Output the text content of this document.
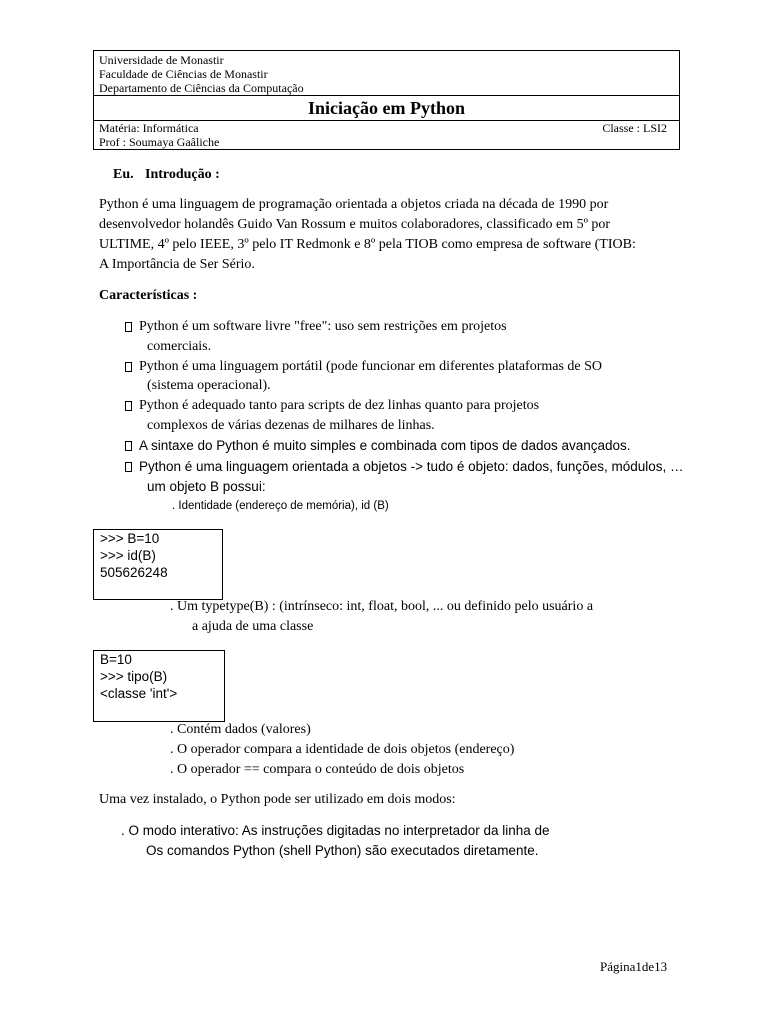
Universidade de Monastir
Faculdade de Ciências de Monastir
Departamento de Ciências da Computação
Iniciação em Python
Matéria: Informática	Classe : LSI2
Prof : Soumaya Gaâliche
Eu. Introdução :
Python é uma linguagem de programação orientada a objetos criada na década de 1990 por
desenvolvedor holandês Guido Van Rossum e muitos colaboradores, classificado em 5º por
ULTIME, 4º pelo IEEE, 3º pelo IT Redmonk e 8º pela TIOB como empresa de software (TIOB:
A Importância de Ser Sério.
Características :
Python é um software livre "free": uso sem restrições em projetos
comerciais.
Python é uma linguagem portátil (pode funcionar em diferentes plataformas de SO
(sistema operacional).
Python é adequado tanto para scripts de dez linhas quanto para projetos
complexos de várias dezenas de milhares de linhas.
A sintaxe do Python é muito simples e combinada com tipos de dados avançados.
Python é uma linguagem orientada a objetos -> tudo é objeto: dados, funções, módulos, …
um objeto B possui:
. Identidade (endereço de memória), id (B)
>>> B=10
>>> id(B)
505626248
. Um typetype(B) : (intrínseco: int, float, bool, ... ou definido pelo usuário a
a ajuda de uma classe
B=10
>>> tipo(B)
<classe 'int'>
. Contém dados (valores)
. O operador compara a identidade de dois objetos (endereço)
. O operador == compara o conteúdo de dois objetos
Uma vez instalado, o Python pode ser utilizado em dois modos:
. O modo interativo: As instruções digitadas no interpretador da linha de
Os comandos Python (shell Python) são executados diretamente.
Página1de13
